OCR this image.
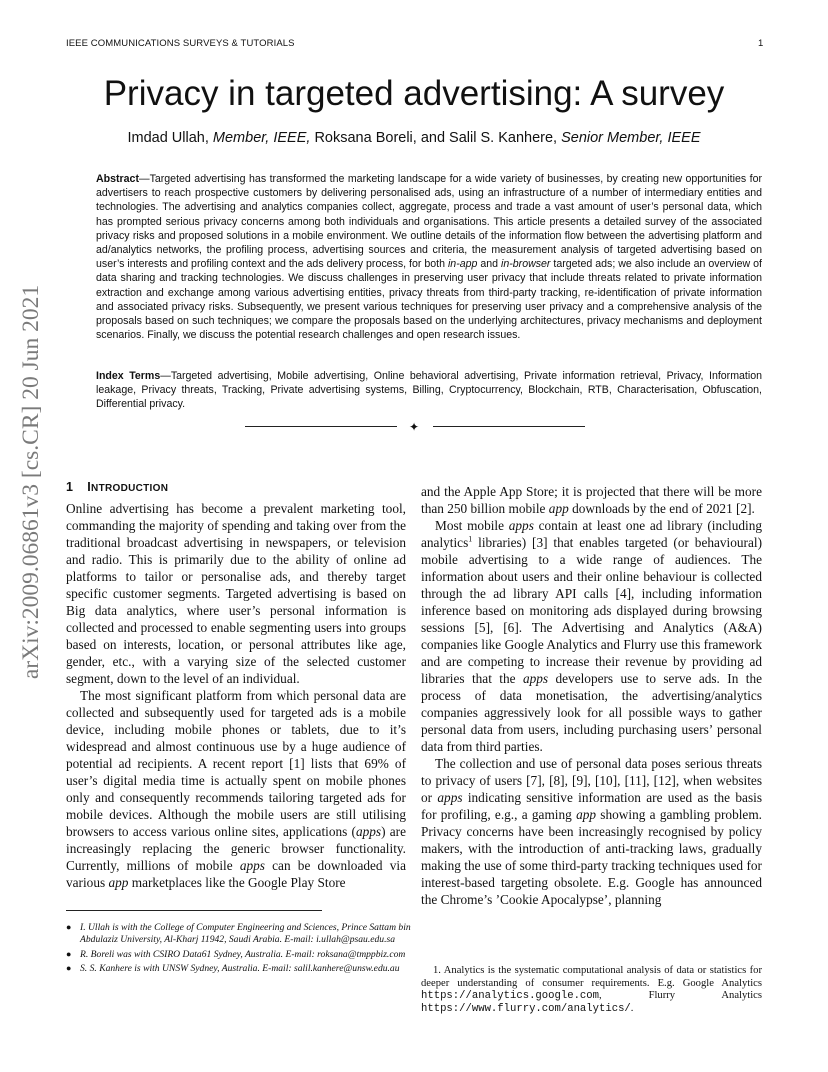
IEEE COMMUNICATIONS SURVEYS & TUTORIALS	1
arXiv:2009.06861v3 [cs.CR] 20 Jun 2021
Privacy in targeted advertising: A survey
Imdad Ullah, Member, IEEE, Roksana Boreli, and Salil S. Kanhere, Senior Member, IEEE
Abstract—Targeted advertising has transformed the marketing landscape for a wide variety of businesses, by creating new opportunities for advertisers to reach prospective customers by delivering personalised ads, using an infrastructure of a number of intermediary entities and technologies. The advertising and analytics companies collect, aggregate, process and trade a vast amount of user’s personal data, which has prompted serious privacy concerns among both individuals and organisations. This article presents a detailed survey of the associated privacy risks and proposed solutions in a mobile environment. We outline details of the information flow between the advertising platform and ad/analytics networks, the profiling process, advertising sources and criteria, the measurement analysis of targeted advertising based on user’s interests and profiling context and the ads delivery process, for both in-app and in-browser targeted ads; we also include an overview of data sharing and tracking technologies. We discuss challenges in preserving user privacy that include threats related to private information extraction and exchange among various advertising entities, privacy threats from third-party tracking, re-identification of private information and associated privacy risks. Subsequently, we present various techniques for preserving user privacy and a comprehensive analysis of the proposals based on such techniques; we compare the proposals based on the underlying architectures, privacy mechanisms and deployment scenarios. Finally, we discuss the potential research challenges and open research issues.
Index Terms—Targeted advertising, Mobile advertising, Online behavioral advertising, Private information retrieval, Privacy, Information leakage, Privacy threats, Tracking, Private advertising systems, Billing, Cryptocurrency, Blockchain, RTB, Characterisation, Obfuscation, Differential privacy.
✦
1 INTRODUCTION

Online advertising has become a prevalent marketing tool, commanding the majority of spending and taking over from the traditional broadcast advertising in newspapers, or television and radio. This is primarily due to the ability of online ad platforms to tailor or personalise ads, and thereby target specific customer segments. Targeted advertising is based on Big data analytics, where user’s personal information is collected and processed to enable segmenting users into groups based on interests, location, or personal attributes like age, gender, etc., with a varying size of the selected customer segment, down to the level of an individual.

The most significant platform from which personal data are collected and subsequently used for targeted ads is a mobile device, including mobile phones or tablets, due to it’s widespread and almost continuous use by a huge audience of potential ad recipients. A recent report [1] lists that 69% of user’s digital media time is actually spent on mobile phones only and consequently recommends tailoring targeted ads for mobile devices. Although the mobile users are still utilising browsers to access various online sites, applications (apps) are increasingly replacing the generic browser functionality. Currently, millions of mobile apps can be downloaded via various app marketplaces like the Google Play Store

and the Apple App Store; it is projected that there will be more than 250 billion mobile app downloads by the end of 2021 [2].

Most mobile apps contain at least one ad library (including analytics$^1$ libraries) [3] that enables targeted (or behavioural) mobile advertising to a wide range of audiences. The information about users and their online behaviour is collected through the ad library API calls [4], including information inference based on monitoring ads displayed during browsing sessions [5], [6]. The Advertising and Analytics (A&A) companies like Google Analytics and Flurry use this framework and are competing to increase their revenue by providing ad libraries that the apps developers use to serve ads. In the process of data monetisation, the advertising/analytics companies aggressively look for all possible ways to gather personal data from users, including purchasing users’ personal data from third parties.

The collection and use of personal data poses serious threats to privacy of users [7], [8], [9], [10], [11], [12], when websites or apps indicating sensitive information are used as the basis for profiling, e.g., a gaming app showing a gambling problem. Privacy concerns have been increasingly recognised by policy makers, with the introduction of anti-tracking laws, gradually making the use of some third-party tracking techniques used for interest-based targeting obsolete. E.g. Google has announced the Chrome’s ’Cookie Apocalypse’, planning

● I. Ullah is with the College of Computer Engineering and Sciences, Prince Sattam bin Abdulaziz University, Al-Kharj 11942, Saudi Arabia. E-mail: i.ullah@psau.edu.sa
● R. Boreli was with CSIRO Data61 Sydney, Australia. E-mail: roksana@tmppbiz.com
● S. S. Kanhere is with UNSW Sydney, Australia. E-mail: salil.kanhere@unsw.edu.au	1. Analytics is the systematic computational analysis of data or statistics for deeper understanding of consumer requirements. E.g. Google Analytics https://analytics.google.com, Flurry Analytics https://www.flurry.com/analytics/.
